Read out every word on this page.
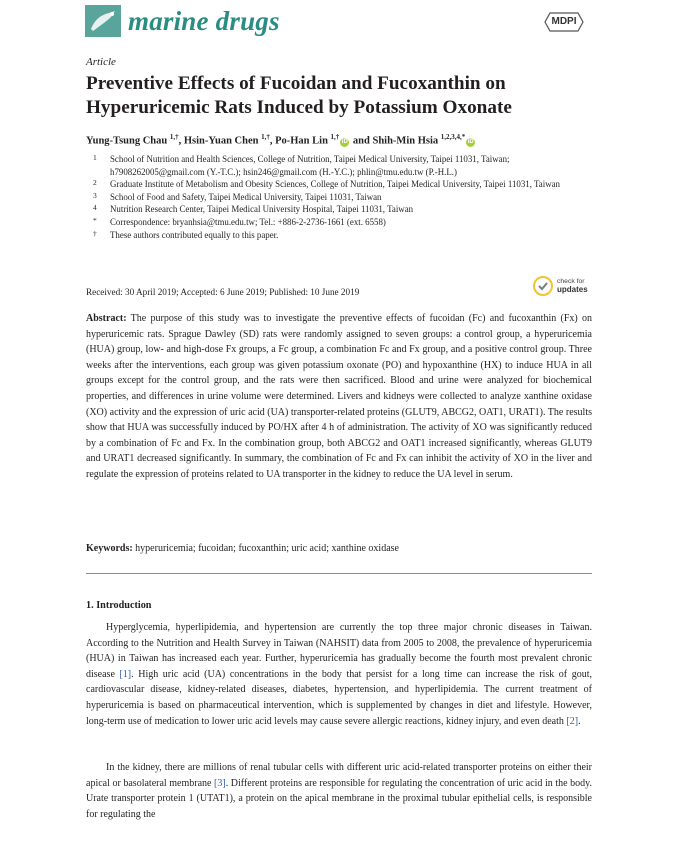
marine drugs	MDPI
Article
Preventive Effects of Fucoidan and Fucoxanthin on Hyperuricemic Rats Induced by Potassium Oxonate
Yung-Tsung Chau $^{1,\dagger}$, Hsin-Yuan Chen $^{1,\dagger}$, Po-Han Lin $^{1,\dagger}$iD and Shih-Min Hsia $^{1,2,3,4,*}$iD
1 School of Nutrition and Health Sciences, College of Nutrition, Taipei Medical University, Taipei 11031, Taiwan; h7908262005@gmail.com (Y.-T.C.); hsin246@gmail.com (H.-Y.C.); phlin@tmu.edu.tw (P.-H.L.)
2 Graduate Institute of Metabolism and Obesity Sciences, College of Nutrition, Taipei Medical University, Taipei 11031, Taiwan
3 School of Food and Safety, Taipei Medical University, Taipei 11031, Taiwan
4 Nutrition Research Center, Taipei Medical University Hospital, Taipei 11031, Taiwan
* Correspondence: bryanhsia@tmu.edu.tw; Tel.: +886-2-2736-1661 (ext. 6558)
† These authors contributed equally to this paper.
Received: 30 April 2019; Accepted: 6 June 2019; Published: 10 June 2019
check for
updates
Abstract: The purpose of this study was to investigate the preventive effects of fucoidan (Fc) and fucoxanthin (Fx) on hyperuricemic rats. Sprague Dawley (SD) rats were randomly assigned to seven groups: a control group, a hyperuricemia (HUA) group, low- and high-dose Fx groups, a Fc group, a combination Fc and Fx group, and a positive control group. Three weeks after the interventions, each group was given potassium oxonate (PO) and hypoxanthine (HX) to induce HUA in all groups except for the control group, and the rats were then sacrificed. Blood and urine were analyzed for biochemical properties, and differences in urine volume were determined. Livers and kidneys were collected to analyze xanthine oxidase (XO) activity and the expression of uric acid (UA) transporter-related proteins (GLUT9, ABCG2, OAT1, URAT1). The results show that HUA was successfully induced by PO/HX after 4 h of administration. The activity of XO was significantly reduced by a combination of Fc and Fx. In the combination group, both ABCG2 and OAT1 increased significantly, whereas GLUT9 and URAT1 decreased significantly. In summary, the combination of Fc and Fx can inhibit the activity of XO in the liver and regulate the expression of proteins related to UA transporter in the kidney to reduce the UA level in serum.
Keywords: hyperuricemia; fucoidan; fucoxanthin; uric acid; xanthine oxidase
1. Introduction
Hyperglycemia, hyperlipidemia, and hypertension are currently the top three major chronic diseases in Taiwan. According to the Nutrition and Health Survey in Taiwan (NAHSIT) data from 2005 to 2008, the prevalence of hyperuricemia (HUA) in Taiwan has increased each year. Further, hyperuricemia has gradually become the fourth most prevalent chronic disease [1]. High uric acid (UA) concentrations in the body that persist for a long time can increase the risk of gout, cardiovascular disease, kidney-related diseases, diabetes, hypertension, and hyperlipidemia. The current treatment of hyperuricemia is based on pharmaceutical intervention, which is supplemented by changes in diet and lifestyle. However, long-term use of medication to lower uric acid levels may cause severe allergic reactions, kidney injury, and even death [2].
In the kidney, there are millions of renal tubular cells with different uric acid-related transporter proteins on either their apical or basolateral membrane [3]. Different proteins are responsible for regulating the concentration of uric acid in the body. Urate transporter protein 1 (UTAT1), a protein on the apical membrane in the proximal tubular epithelial cells, is responsible for regulating the
